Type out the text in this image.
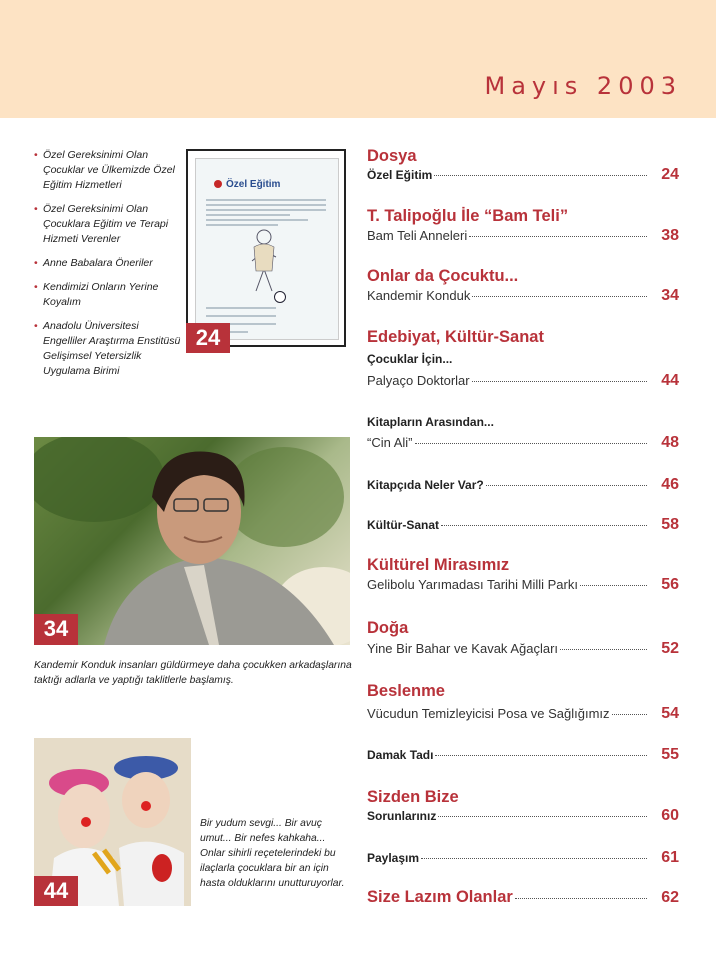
Mayıs 2003
• Özel Gereksinimi Olan Çocuklar ve Ülkemizde Özel Eğitim Hizmetleri
• Özel Gereksinimi Olan Çocuklara Eğitim ve Terapi Hizmeti Verenler
• Anne Babalara Öneriler
• Kendimizi Onların Yerine Koyalım
• Anadolu Üniversitesi Engelliler Araştırma Enstitüsü Gelişimsel Yetersizlik Uygulama Birimi
Özel Eğitim
24
34
Kandemir Konduk insanları güldürmeye daha çocukken arkadaşlarına taktığı adlarla ve yaptığı taklitlerle başlamış.
44
Bir yudum sevgi... Bir avuç umut... Bir nefes kahkaha... Onlar sihirli reçetelerindeki bu ilaçlarla çocuklara bir an için hasta olduklarını unutturuyorlar.
Dosya
Özel Eğitim	24
T. Talipoğlu İle “Bam Teli”
Bam Teli Anneleri	38
Onlar da Çocuktu...
Kandemir Konduk	34
Edebiyat, Kültür-Sanat
Çocuklar İçin...
Palyaço Doktorlar	44
Kitapların Arasından...
“Cin Ali”	48
Kitapçıda Neler Var?	46
Kültür-Sanat	58
Kültürel Mirasımız
Gelibolu Yarımadası Tarihi Milli Parkı	56
Doğa
Yine Bir Bahar ve Kavak Ağaçları	52
Beslenme
Vücudun Temizleyicisi Posa ve Sağlığımız	54
Damak Tadı	55
Sizden Bize
Sorunlarınız	60
Paylaşım	61
Size Lazım Olanlar	62
